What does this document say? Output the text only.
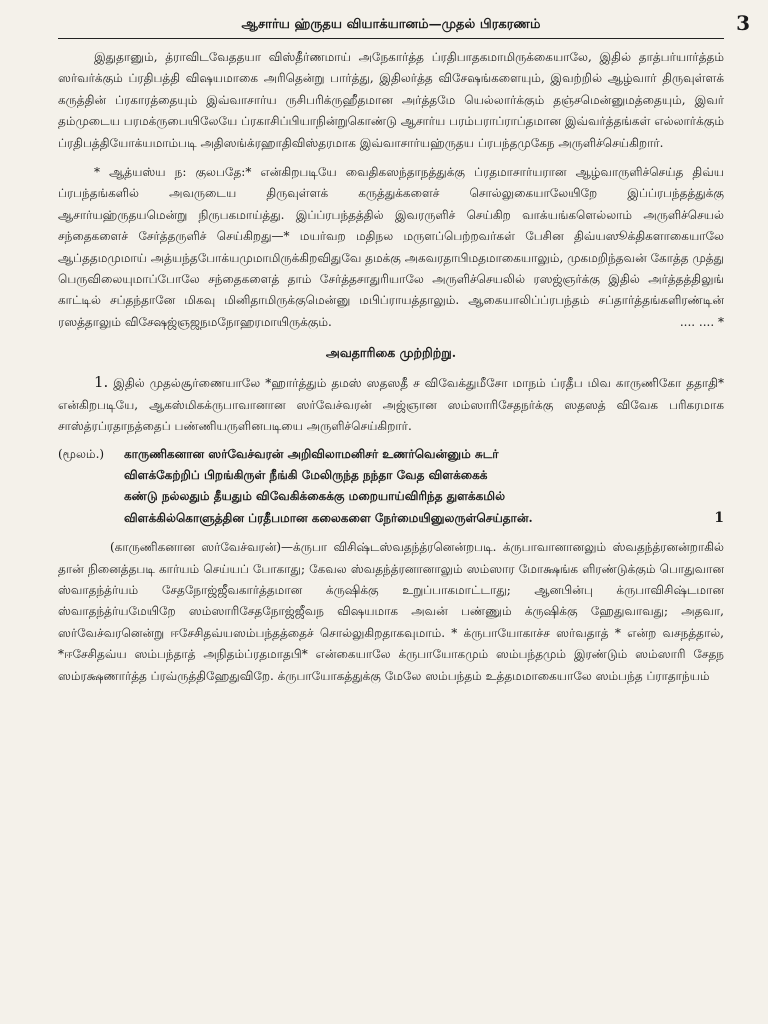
ஆசார்ய ஹ்ருதய வியாக்யானம்—முதல் பிரகரணம்	3

இதுதானும், த்ராவிடவேததயா விஸ்தீர்ணமாய் அநேகார்த்த ப்ரதிபாதகமாமிருக்கையாலே, இதில் தாத்பர்யார்த்தம் ஸர்வர்க்கும் ப்ரதிபத்தி விஷயமாகை அரிதென்று பார்த்து, இதிலர்த்த விசேஷங்களையும், இவற்றில் ஆழ்வார் திருவுள்ளக் கருத்தின் ப்ரகாரத்தையும் இவ்வாசார்ய ருசிபரிக்ருஹீதமான அர்த்தமே யெல்லார்க்கும் தஞ்சமென்னுமத்தையும், இவர் தம்முடைய பரமக்ருபையிலேயே ப்ரகாசிப்பியாநின்றுகொண்டு ஆசார்ய பரம்பராப்ராப்தமான இவ்வர்த்தங்கள் எல்லார்க்கும் ப்ரதிபத்தியோக்யமாம்படி அதிஸங்க்ரஹாதிவிஸ்தரமாக இவ்வாசார்யஹ்ருதய ப்ரபந்தமுகேந அருளிச்செய்கிறார்.

* ஆத்யஸ்ய ந: குலபதே:* என்கிறபடியே வைதிகஸந்தாநத்துக்கு ப்ரதமாசார்யரான ஆழ்வாருளிச்செய்த திவ்ய ப்ரபந்தங்களில் அவருடைய திருவுள்ளக் கருத்துக்களைச் சொல்லுகையாலேயிறே இப்ப்ரபந்தத்துக்கு ஆசார்யஹ்ருதயமென்று நிருபகமாய்த்து. இப்ப்ரபந்தத்தில் இவரருளிச் செய்கிற வாக்யங்களெல்லாம் அருளிச்செயல் சந்தைகளைச் சேர்த்தருளிச் செய்கிறது—* மயர்வற மதிநல மருளப்பெற்றவர்கள் பேசின திவ்யஸூக்திகளாகையாலே ஆப்ததமமுமாய் அத்யந்தபோக்யமுமாமிருக்கிறவிதுவே தமக்கு அகவரதாபிமதமாகையாலும், முகமறிந்தவன் கோத்த முத்து பெருவிலையுமாப்போலே சந்தைகளைத் தாம் சேர்த்தசாதுரியாலே அருளிச்செயலில் ரஸஜ்ஞர்க்கு இதில் அர்த்தத்திலுங் காட்டில் சப்தந்தானே மிகவு மினிதாமிருக்குமென்னு மபிப்ராயத்தாலும். ஆகையாலிப்ப்ரபந்தம் சப்தார்த்தங்களிரண்டின் ரஸத்தாலும் விசேஷஜ்ஞஜநமநோஹரமாயிருக்கும்.	.... .... *

அவதாரிகை முற்றிற்று.

1. இதில் முதல்சூர்ணையாலே *ஹார்த்தும் தமஸ் ஸதஸதீ ச விவேக்துமீசோ மாநம் ப்ரதீப மிவ காருணிகோ ததாதி* என்கிறபடியே, ஆகஸ்மிகக்ருபாவானான ஸர்வேச்வரன் அஜ்ஞான ஸம்ஸாரிசேதநர்க்கு ஸதஸத் விவேக பரிகரமாக சாஸ்த்ரப்ரதாநத்தைப் பண்ணியருளினபடியை அருளிச்செய்கிறார்.

(மூலம்.)	காருணிகனான ஸர்வேச்வரன் அறிவிலாமனிசர் உணர்வென்னும் சுடர்
விளக்கேற்றிப் பிறங்கிருள் நீங்கி மேலிருந்த நந்தா வேத விளக்கைக்
கண்டு நல்லதும் தீயதும் விவேகிக்கைக்கு மறையாய்விரிந்த துளக்கமில்
விளக்கில்கொளுத்தின ப்ரதீபமான கலைகளை நேர்மையினுலருள்செய்தான்.	1

(காருணிகனான ஸர்வேச்வரன்)—க்ருபா விசிஷ்டஸ்வதந்த்ரனென்றபடி. க்ருபாவானானலும் ஸ்வதந்த்ரனன்றாகில் தான் நினைத்தபடி கார்யம் செய்யப் போகாது; கேவல ஸ்வதந்த்ரனானாலும் ஸம்ஸார மோக்ஷங்க ளிரண்டுக்கும் பொதுவான ஸ்வாதந்த்ர்யம் சேதநோஜ்ஜீவகார்த்தமான க்ருஷிக்கு உறுப்பாகமாட்டாது; ஆனபின்பு க்ருபாவிசிஷ்டமான ஸ்வாதந்த்ர்யமேயிறே ஸம்ஸாரிசேதநோஜ்ஜீவந விஷயமாக அவன் பண்ணும் க்ருஷிக்கு ஹேதுவாவது; அதவா, ஸர்வேச்வரனென்று ஈசேசிதவ்யஸம்பந்தத்தைச் சொல்லுகிறதாகவுமாம். * க்ருபாயோகாச்ச ஸர்வதாத் * என்ற வசநத்தால், *ஈசேசிதவ்ய ஸம்பந்தாத் அநிதம்ப்ரதமாதபி* என்கையாலே க்ருபாயோகமும் ஸம்பந்தமும் இரண்டும் ஸம்ஸாரி சேதந ஸம்ரக்ஷணார்த்த ப்ரவ்ருத்திஹேதுவிறே. க்ருபாயோகத்துக்கு மேலே ஸம்பந்தம் உத்தமமாகையாலே ஸம்பந்த ப்ராதாந்யம்
